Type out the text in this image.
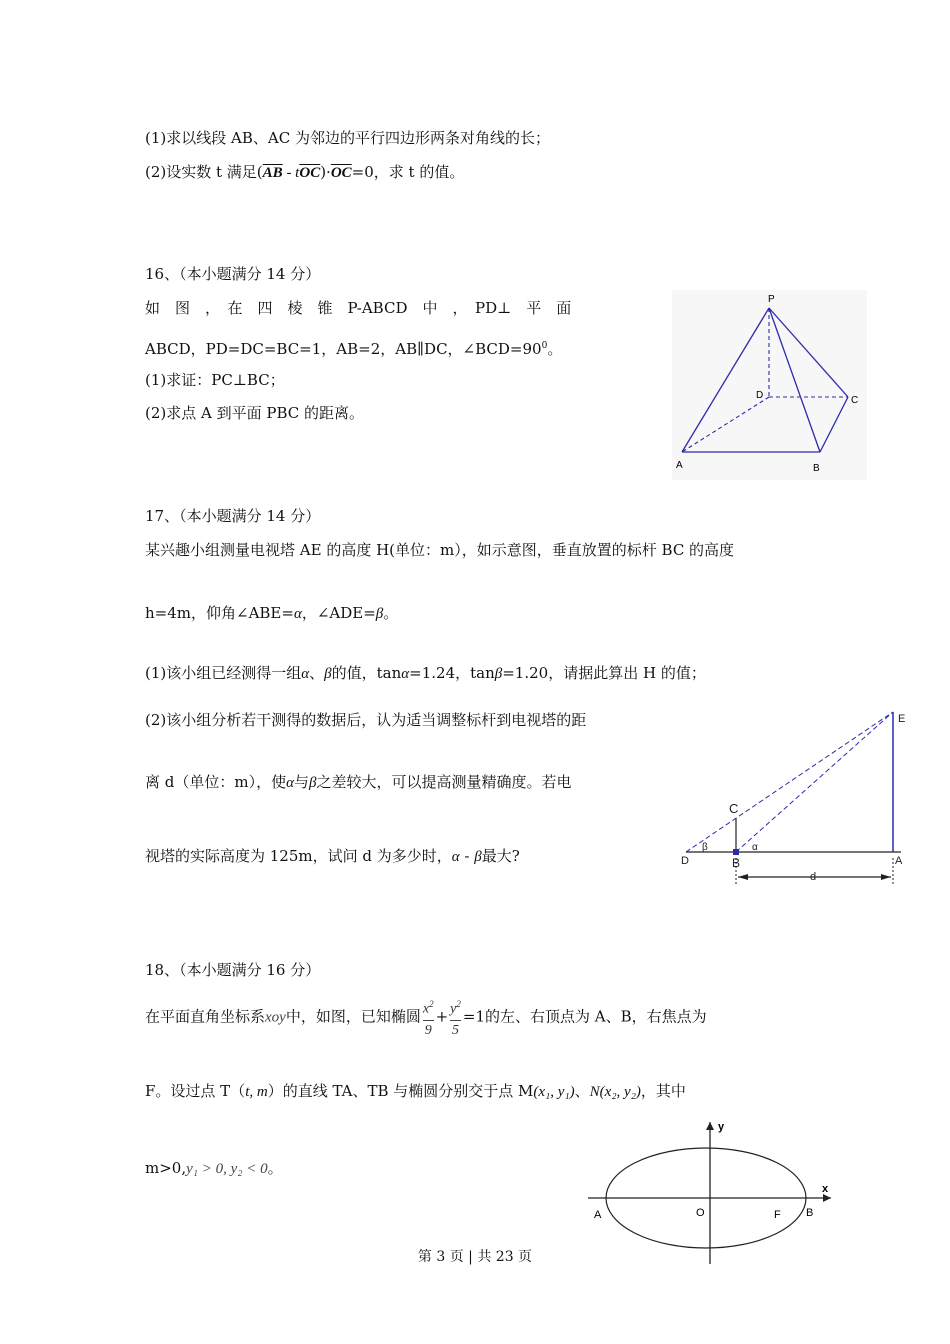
(1)求以线段 AB、AC 为邻边的平行四边形两条对角线的长；
(2)设实数 t 满足$(\overline{AB} - t\overline{OC})\cdot\overline{OC}=0$，求 t 的值。
16、（本小题满分 14 分）
如　图　，　在　四　棱　锥　P-ABCD　中　，　PD⊥　平　面
ABCD，PD=DC=BC=1，AB=2，AB∥DC，$\angle BCD=90^0$。
(1)求证：PC⊥BC；
(2)求点 A 到平面 PBC 的距离。
P
D	C
A	B
17、（本小题满分 14 分）
某兴趣小组测量电视塔 AE 的高度 H(单位：m），如示意图，垂直放置的标杆 BC 的高度
h=4m，仰角∠ABE=α，∠ADE=β。
(1)该小组已经测得一组α、β的值，tanα=1.24，tanβ=1.20，请据此算出 H 的值；
(2)该小组分析若干测得的数据后，认为适当调整标杆到电视塔的距
离 d（单位：m），使α与β之差较大，可以提高测量精确度。若电
视塔的实际高度为 125m，试问 d 为多少时，α - β最大?
E
C
D	B	A
β	α
d
18、（本小题满分 16 分）
在平面直角坐标系xoy中，如图，已知椭圆 $\frac{x^2}{9} + \frac{y^2}{5} =1$的左、右顶点为 A、B，右焦点为
F。设过点 T（t, m）的直线 TA、TB 与椭圆分别交于点 M(x₁, y₁)、N(x₂, y₂)，其中
m>0,y₁ > 0, y₂ < 0。
y
x
A	O	F B
第 3 页 | 共 23 页
